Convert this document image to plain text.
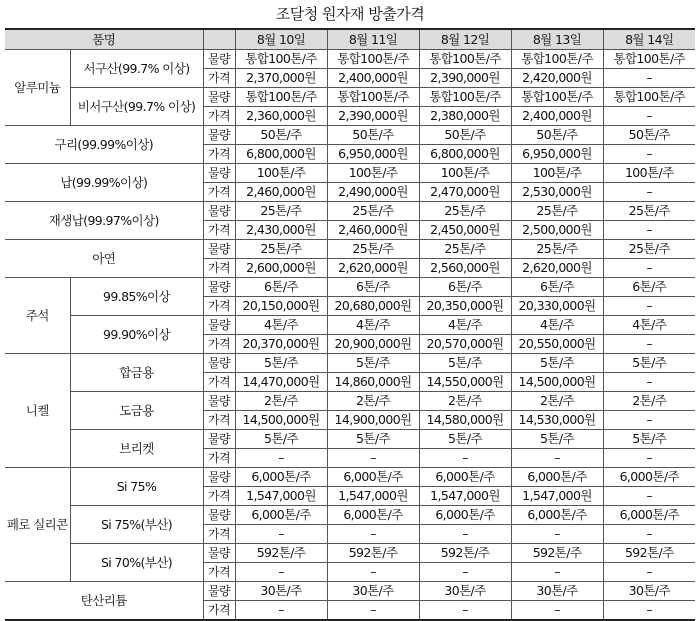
조달청 원자재 방출가격
품명			8월 10일	8월 11일	8월 12일	8월 13일	8월 14일
알루미늄	서구산(99.7% 이상)	물량	통합100톤/주	통합100톤/주	통합100톤/주	통합100톤/주	통합100톤/주
		가격	2,370,000원	2,400,000원	2,390,000원	2,420,000원	–
	비서구산(99.7% 이상)	물량	통합100톤/주	통합100톤/주	통합100톤/주	통합100톤/주	통합100톤/주
		가격	2,360,000원	2,390,000원	2,380,000원	2,400,000원	–
구리(99.99%이상)		물량	50톤/주	50톤/주	50톤/주	50톤/주	50톤/주
		가격	6,800,000원	6,950,000원	6,800,000원	6,950,000원	–
납(99.99%이상)		물량	100톤/주	100톤/주	100톤/주	100톤/주	100톤/주
		가격	2,460,000원	2,490,000원	2,470,000원	2,530,000원	–
재생납(99.97%이상)		물량	25톤/주	25톤/주	25톤/주	25톤/주	25톤/주
		가격	2,430,000원	2,460,000원	2,450,000원	2,500,000원	–
아연		물량	25톤/주	25톤/주	25톤/주	25톤/주	25톤/주
		가격	2,600,000원	2,620,000원	2,560,000원	2,620,000원	–
주석	99.85%이상	물량	6톤/주	6톤/주	6톤/주	6톤/주	6톤/주
		가격	20,150,000원	20,680,000원	20,350,000원	20,330,000원	–
	99.90%이상	물량	4톤/주	4톤/주	4톤/주	4톤/주	4톤/주
		가격	20,370,000원	20,900,000원	20,570,000원	20,550,000원	–
니켈	합금용	물량	5톤/주	5톤/주	5톤/주	5톤/주	5톤/주
		가격	14,470,000원	14,860,000원	14,550,000원	14,500,000원	–
	도금용	물량	2톤/주	2톤/주	2톤/주	2톤/주	2톤/주
		가격	14,500,000원	14,900,000원	14,580,000원	14,530,000원	–
	브리켓	물량	5톤/주	5톤/주	5톤/주	5톤/주	5톤/주
		가격	–	–	–	–	–
페로 실리콘	Si 75%	물량	6,000톤/주	6,000톤/주	6,000톤/주	6,000톤/주	6,000톤/주
		가격	1,547,000원	1,547,000원	1,547,000원	1,547,000원	–
	Si 75%(부산)	물량	6,000톤/주	6,000톤/주	6,000톤/주	6,000톤/주	6,000톤/주
		가격	–	–	–	–	–
	Si 70%(부산)	물량	592톤/주	592톤/주	592톤/주	592톤/주	592톤/주
		가격	–	–	–	–	–
탄산리튬		물량	30톤/주	30톤/주	30톤/주	30톤/주	30톤/주
		가격	–	–	–	–	–
